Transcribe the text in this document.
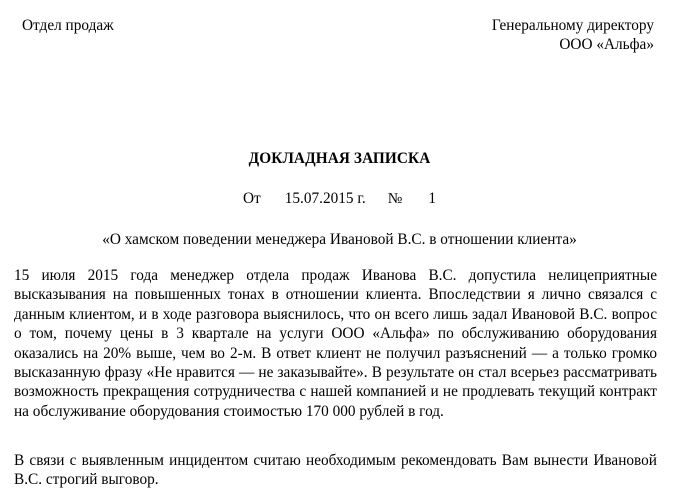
Отдел продаж	Генеральному директору
ООО «Альфа»
ДОКЛАДНАЯ ЗАПИСКА
От 15.07.2015 г. № 1
«О хамском поведении менеджера Ивановой В.С. в отношении клиента»

15 июля 2015 года менеджер отдела продаж Иванова В.С. допустила нелицеприятные высказывания на повышенных тонах в отношении клиента. Впоследствии я лично связался с данным клиентом, и в ходе разговора выяснилось, что он всего лишь задал Ивановой В.С. вопрос о том, почему цены в 3 квартале на услуги ООО «Альфа» по обслуживанию оборудования оказались на 20% выше, чем во 2-м. В ответ клиент не получил разъяснений — а только громко высказанную фразу «Не нравится — не заказывайте». В результате он стал всерьез рассматривать возможность прекращения сотрудничества с нашей компанией и не продлевать текущий контракт на обслуживание оборудования стоимостью 170 000 рублей в год.

В связи с выявленным инцидентом считаю необходимым рекомендовать Вам вынести Ивановой В.С. строгий выговор.
